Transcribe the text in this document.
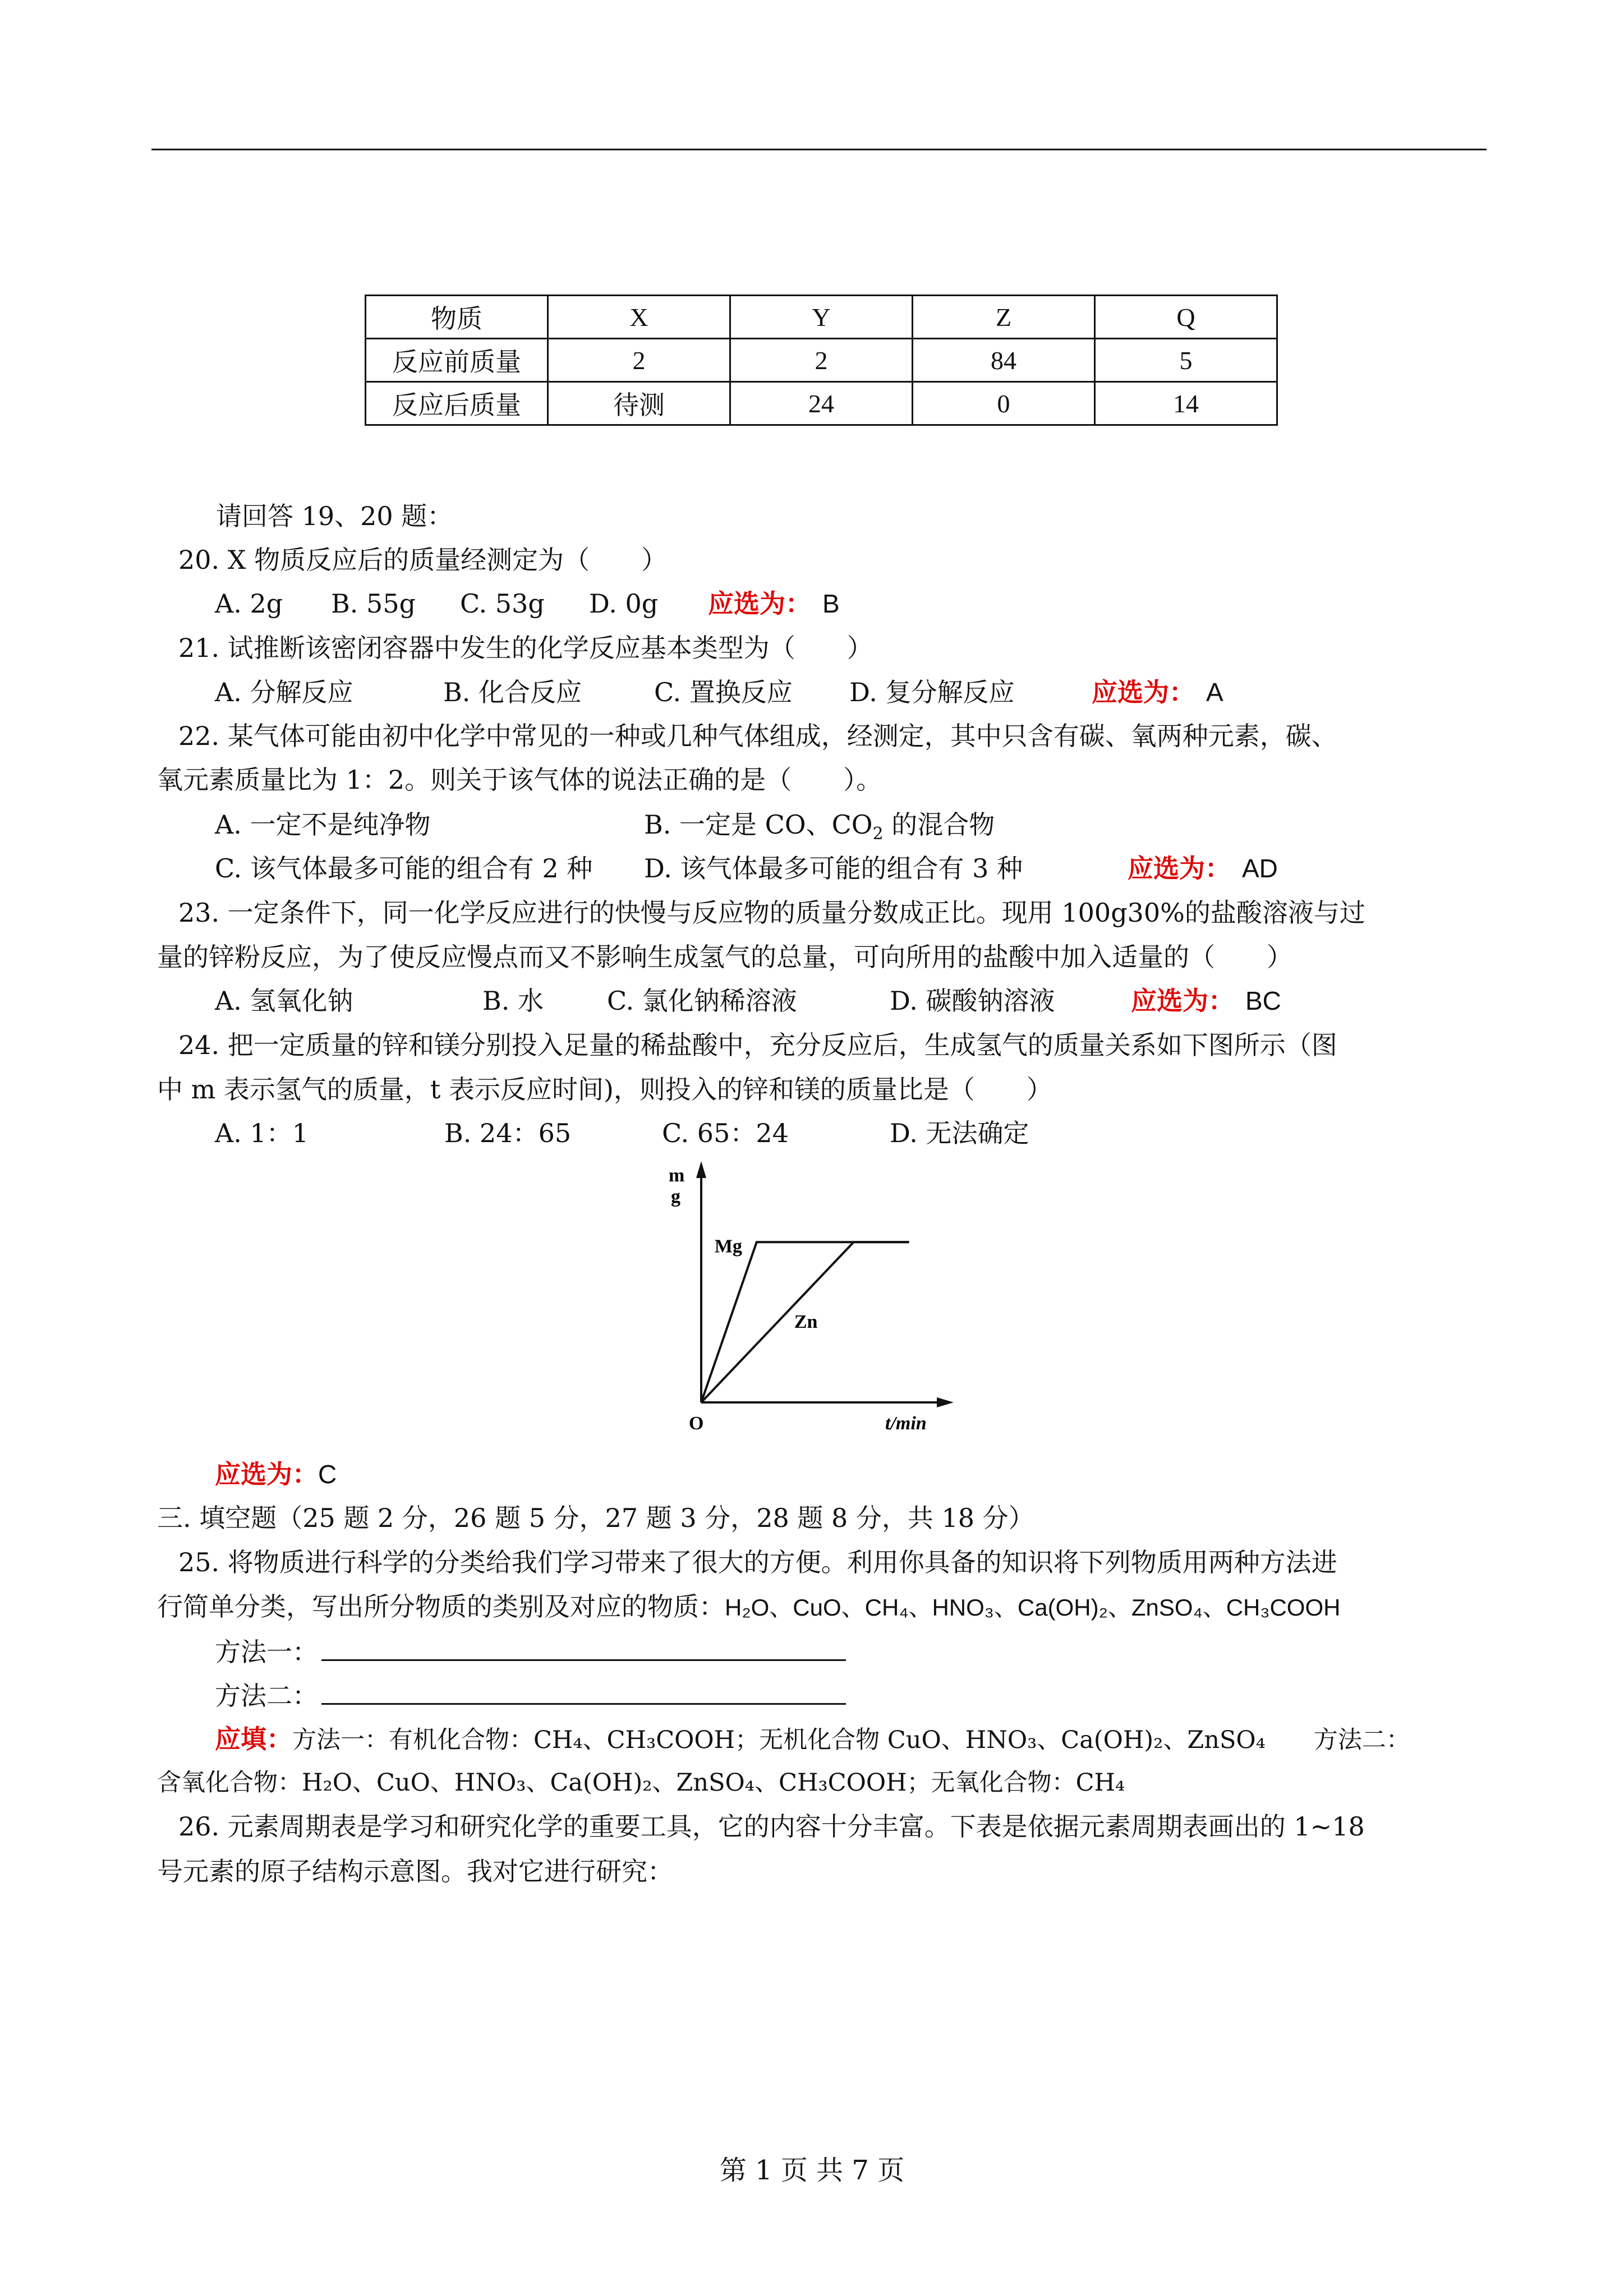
物质	X	Y	Z	Q
反应前质量	2	2	84	5
反应后质量	待测	24	0	14
请回答 19、20 题：
20. X 物质反应后的质量经测定为（　　）
A. 2g B. 55g C. 53g D. 0g 应选为： B
21. 试推断该密闭容器中发生的化学反应基本类型为（　　）
A. 分解反应	B. 化合反应	C. 置换反应 D. 复分解反应	应选为： A
22. 某气体可能由初中化学中常见的一种或几种气体组成，经测定，其中只含有碳、氧两种元素，碳、
氧元素质量比为 1：2。则关于该气体的说法正确的是（　　）。
A. 一定不是纯净物	B. 一定是 CO、$CO_2$ 的混合物
C. 该气体最多可能的组合有 2 种 D. 该气体最多可能的组合有 3 种	应选为： AD
23. 一定条件下，同一化学反应进行的快慢与反应物的质量分数成正比。现用 100g30%的盐酸溶液与过
量的锌粉反应，为了使反应慢点而又不影响生成氢气的总量，可向所用的盐酸中加入适量的（　　）
A. 氢氧化钠	B. 水 C. 氯化钠稀溶液	D. 碳酸钠溶液	应选为： BC
24. 把一定质量的锌和镁分别投入足量的稀盐酸中，充分反应后，生成氢气的质量关系如下图所示（图
中 m 表示氢气的质量，t 表示反应时间)，则投入的锌和镁的质量比是（　　）
A. 1：1	B. 24：65	C. 65：24	D. 无法确定
m
g
t/min
O
Mg
Zn
应选为：C
三. 填空题（25 题 2 分，26 题 5 分，27 题 3 分，28 题 8 分，共 18 分）
25. 将物质进行科学的分类给我们学习带来了很大的方便。利用你具备的知识将下列物质用两种方法进
行简单分类，写出所分物质的类别及对应的物质：H₂O、CuO、CH₄、HNO₃、Ca(OH)₂、ZnSO₄、CH₃COOH
方法一：
方法二：
应填：方法一：有机化合物：CH₄、CH₃COOH；无机化合物 CuO、HNO₃、Ca(OH)₂、ZnSO₄　　方法二：
含氧化合物：H₂O、CuO、HNO₃、Ca(OH)₂、ZnSO₄、CH₃COOH；无氧化合物：CH₄
26. 元素周期表是学习和研究化学的重要工具，它的内容十分丰富。下表是依据元素周期表画出的 1~18
号元素的原子结构示意图。我对它进行研究：
第 1 页 共 7 页
